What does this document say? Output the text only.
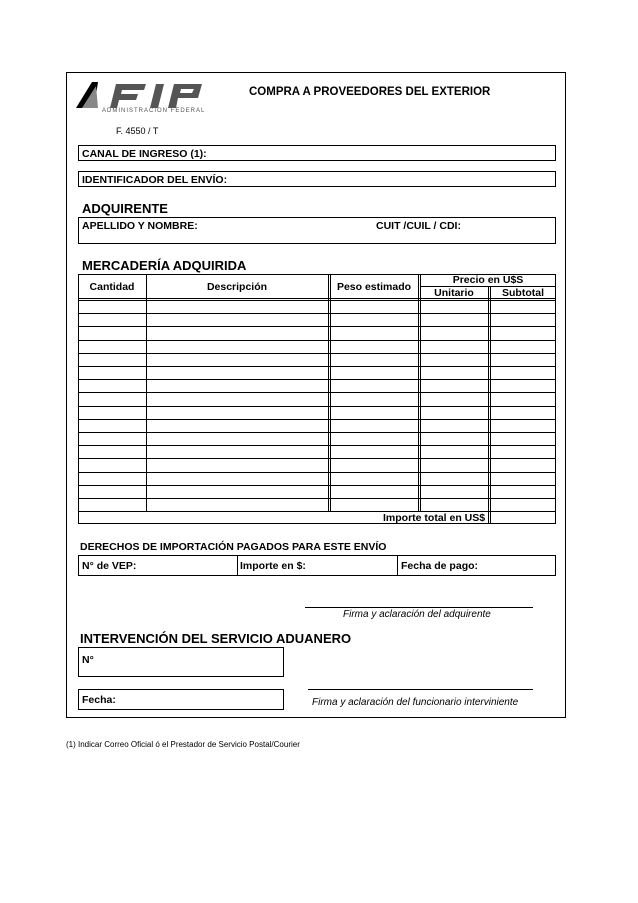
ADMINISTRACION FEDERAL
COMPRA A PROVEEDORES DEL EXTERIOR
F. 4550 / T
CANAL DE INGRESO (1):
IDENTIFICADOR DEL ENVÍO:
ADQUIRENTE
APELLIDO Y NOMBRE:	CUIT /CUIL / CDI:
MERCADERÍA ADQUIRIDA
Cantidad	Descripción	Peso estimado
Precio en U$S
Unitario	Subtotal
Importe total en US$
DERECHOS DE IMPORTACIÓN PAGADOS PARA ESTE ENVÍO
N° de VEP:	Importe en $:	Fecha de pago:
Firma y aclaración del adquirente
INTERVENCIÓN DEL SERVICIO ADUANERO
N°
Fecha:	Firma y aclaración del funcionario interviniente
(1) Indicar Correo Oficial ó el Prestador de Servicio Postal/Courier
